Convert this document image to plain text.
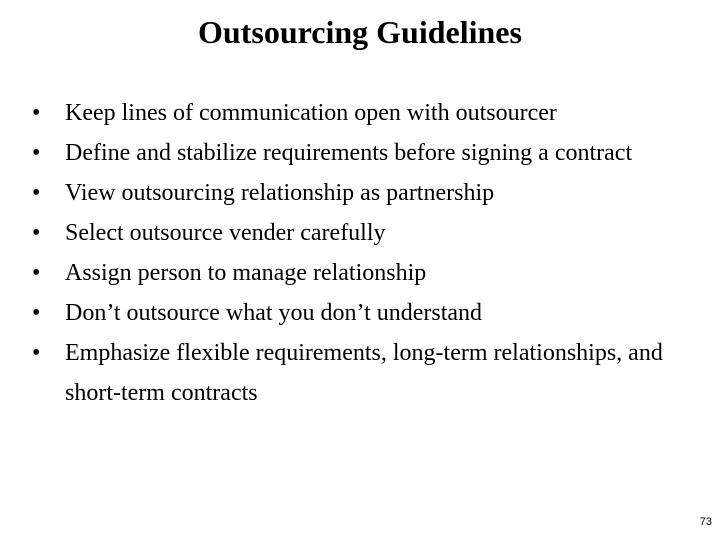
Outsourcing Guidelines
•	Keep lines of communication open with outsourcer
•	Define and stabilize requirements before signing a contract
•	View outsourcing relationship as partnership
•	Select outsource vender carefully
•	Assign person to manage relationship
•	Don’t outsource what you don’t understand
•	Emphasize flexible requirements, long-term relationships, and short-term contracts
73
